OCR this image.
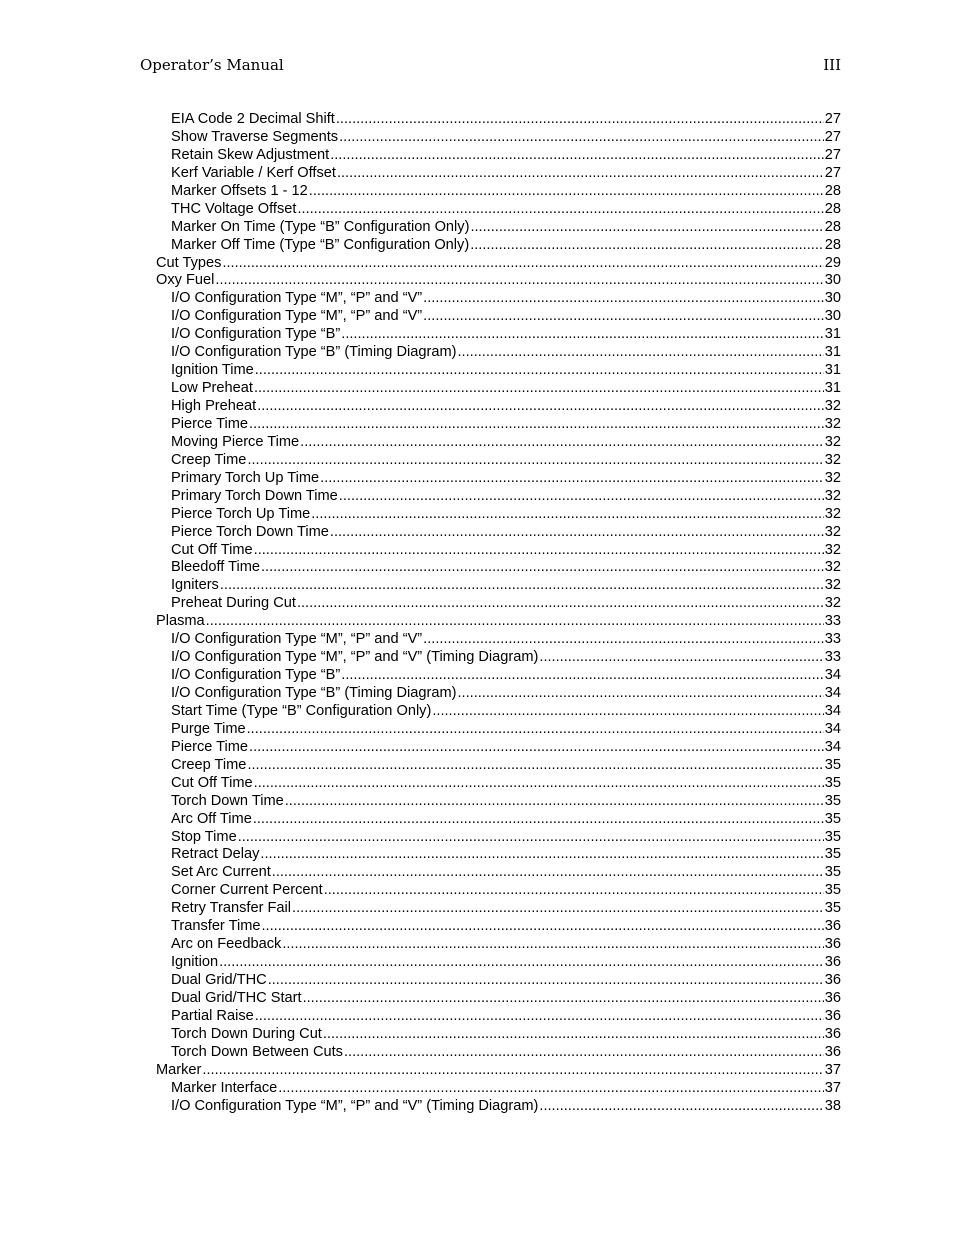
Operator’s Manual	III
EIA Code 2 Decimal Shift .....	27
Show Traverse Segments .....	27
Retain Skew Adjustment .....	27
Kerf Variable / Kerf Offset .....	27
Marker Offsets 1 - 12 .....	28
THC Voltage Offset .....	28
Marker On Time (Type “B” Configuration Only) .....	28
Marker Off Time (Type “B” Configuration Only) .....	28
Cut Types .....	29
Oxy Fuel .....	30
I/O Configuration Type “M”, “P” and “V” .....	30
I/O Configuration Type “M”, “P” and “V” .....	30
I/O Configuration Type “B” .....	31
I/O Configuration Type “B” (Timing Diagram) .....	31
Ignition Time .....	31
Low Preheat .....	31
High Preheat .....	32
Pierce Time .....	32
Moving Pierce Time .....	32
Creep Time .....	32
Primary Torch Up Time .....	32
Primary Torch Down Time .....	32
Pierce Torch Up Time .....	32
Pierce Torch Down Time .....	32
Cut Off Time .....	32
Bleedoff Time .....	32
Igniters .....	32
Preheat During Cut .....	32
Plasma .....	33
I/O Configuration Type “M”, “P” and “V” .....	33
I/O Configuration Type “M”, “P” and “V” (Timing Diagram) .....	33
I/O Configuration Type “B” .....	34
I/O Configuration Type “B” (Timing Diagram) .....	34
Start Time (Type “B” Configuration Only) .....	34
Purge Time .....	34
Pierce Time .....	34
Creep Time .....	35
Cut Off Time .....	35
Torch Down Time .....	35
Arc Off Time .....	35
Stop Time .....	35
Retract Delay .....	35
Set Arc Current .....	35
Corner Current Percent .....	35
Retry Transfer Fail .....	35
Transfer Time .....	36
Arc on Feedback .....	36
Ignition .....	36
Dual Grid/THC .....	36
Dual Grid/THC Start .....	36
Partial Raise .....	36
Torch Down During Cut .....	36
Torch Down Between Cuts .....	36
Marker .....	37
Marker Interface .....	37
I/O Configuration Type “M”, “P” and “V” (Timing Diagram) .....	38
